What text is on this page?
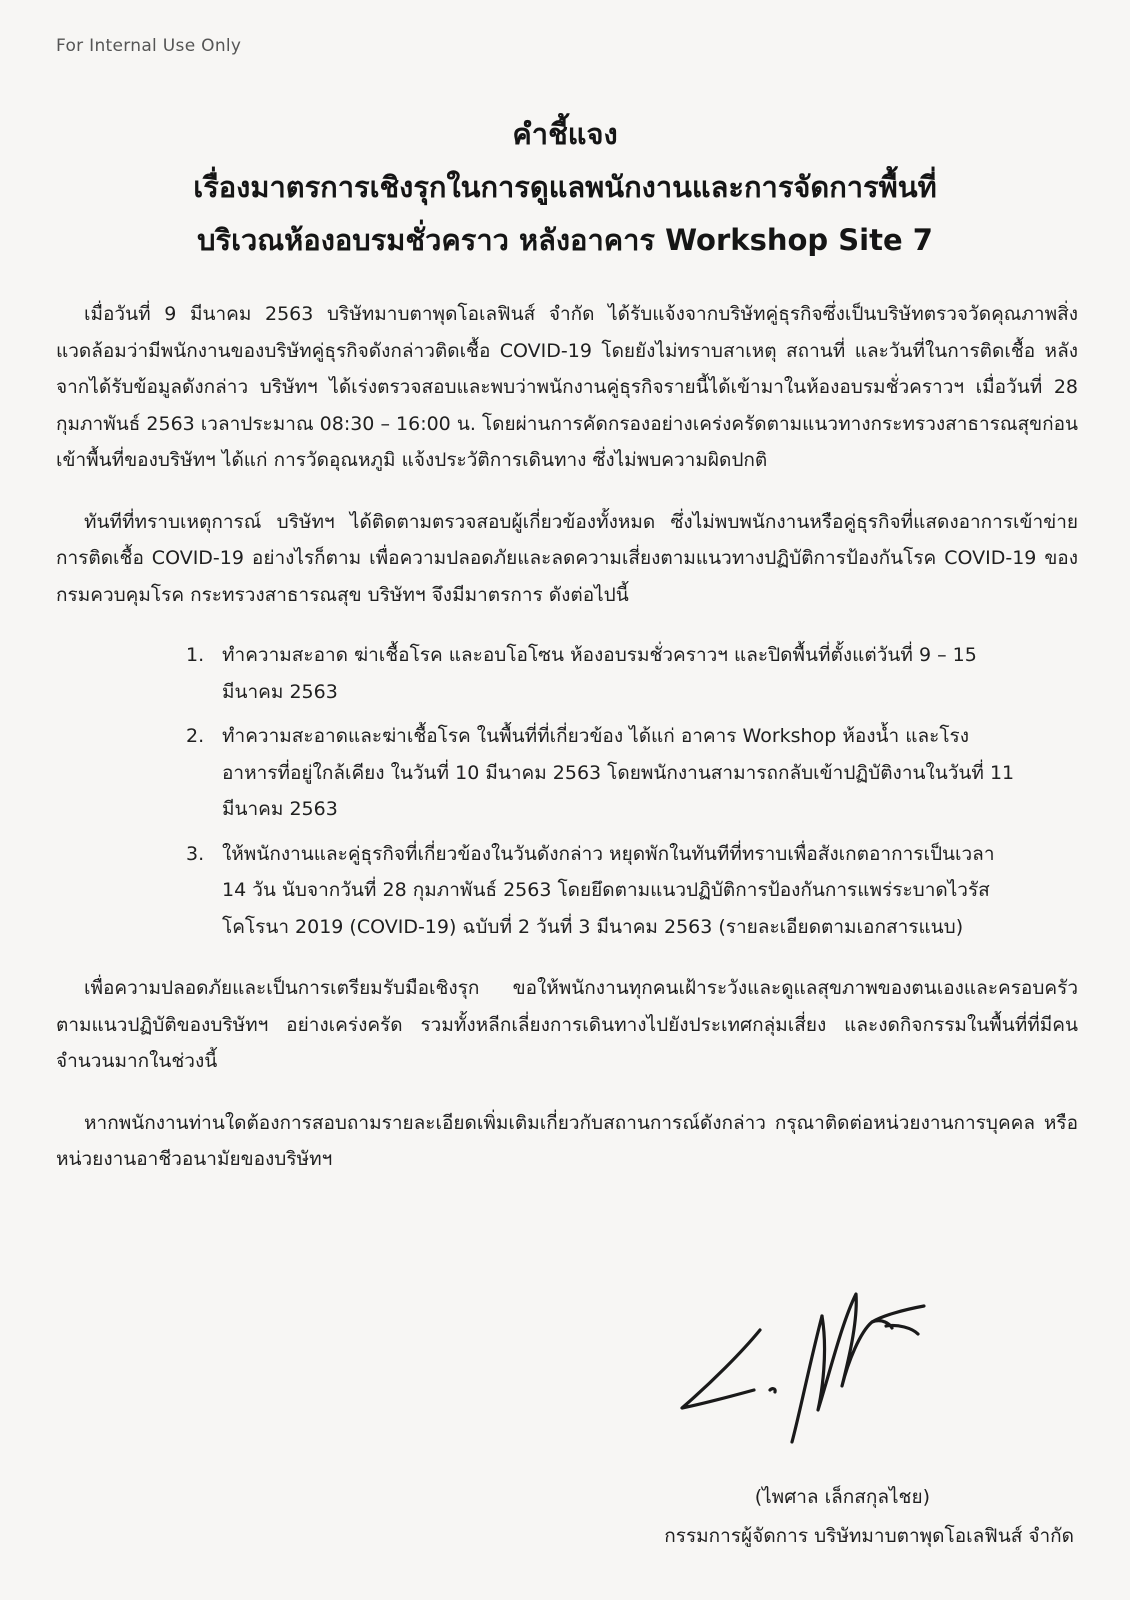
For Internal Use Only
คำชี้แจง
เรื่องมาตรการเชิงรุกในการดูแลพนักงานและการจัดการพื้นที่
บริเวณห้องอบรมชั่วคราว หลังอาคาร Workshop Site 7

เมื่อวันที่ 9 มีนาคม 2563 บริษัทมาบตาพุดโอเลฟินส์ จำกัด ได้รับแจ้งจากบริษัทคู่ธุรกิจซึ่งเป็นบริษัทตรวจวัดคุณภาพสิ่งแวดล้อมว่ามีพนักงานของบริษัทคู่ธุรกิจดังกล่าวติดเชื้อ COVID-19 โดยยังไม่ทราบสาเหตุ สถานที่ และวันที่ในการติดเชื้อ หลังจากได้รับข้อมูลดังกล่าว บริษัทฯ ได้เร่งตรวจสอบและพบว่าพนักงานคู่ธุรกิจรายนี้ได้เข้ามาในห้องอบรมชั่วคราวฯ เมื่อวันที่ 28 กุมภาพันธ์ 2563 เวลาประมาณ 08:30 – 16:00 น. โดยผ่านการคัดกรองอย่างเคร่งครัดตามแนวทางกระทรวงสาธารณสุขก่อนเข้าพื้นที่ของบริษัทฯ ได้แก่ การวัดอุณหภูมิ แจ้งประวัติการเดินทาง ซึ่งไม่พบความผิดปกติ

ทันทีที่ทราบเหตุการณ์ บริษัทฯ ได้ติดตามตรวจสอบผู้เกี่ยวข้องทั้งหมด ซึ่งไม่พบพนักงานหรือคู่ธุรกิจที่แสดงอาการเข้าข่ายการติดเชื้อ COVID-19 อย่างไรก็ตาม เพื่อความปลอดภัยและลดความเสี่ยงตามแนวทางปฏิบัติการป้องกันโรค COVID-19 ของกรมควบคุมโรค กระทรวงสาธารณสุข บริษัทฯ จึงมีมาตรการ ดังต่อไปนี้

1. ทำความสะอาด ฆ่าเชื้อโรค และอบโอโซน ห้องอบรมชั่วคราวฯ และปิดพื้นที่ตั้งแต่วันที่ 9 – 15 มีนาคม 2563
2. ทำความสะอาดและฆ่าเชื้อโรค ในพื้นที่ที่เกี่ยวข้อง ได้แก่ อาคาร Workshop ห้องน้ำ และโรงอาหารที่อยู่ใกล้เคียง ในวันที่ 10 มีนาคม 2563 โดยพนักงานสามารถกลับเข้าปฏิบัติงานในวันที่ 11 มีนาคม 2563
3. ให้พนักงานและคู่ธุรกิจที่เกี่ยวข้องในวันดังกล่าว หยุดพักในทันทีที่ทราบเพื่อสังเกตอาการเป็นเวลา 14 วัน นับจากวันที่ 28 กุมภาพันธ์ 2563 โดยยึดตามแนวปฏิบัติการป้องกันการแพร่ระบาดไวรัสโคโรนา 2019 (COVID-19) ฉบับที่ 2 วันที่ 3 มีนาคม 2563 (รายละเอียดตามเอกสารแนบ)

เพื่อความปลอดภัยและเป็นการเตรียมรับมือเชิงรุก ขอให้พนักงานทุกคนเฝ้าระวังและดูแลสุขภาพของตนเองและครอบครัว ตามแนวปฏิบัติของบริษัทฯ อย่างเคร่งครัด รวมทั้งหลีกเลี่ยงการเดินทางไปยังประเทศกลุ่มเสี่ยง และงดกิจกรรมในพื้นที่ที่มีคนจำนวนมากในช่วงนี้

หากพนักงานท่านใดต้องการสอบถามรายละเอียดเพิ่มเติมเกี่ยวกับสถานการณ์ดังกล่าว กรุณาติดต่อหน่วยงานการบุคคล หรือหน่วยงานอาชีวอนามัยของบริษัทฯ

(ไพศาล เล็กสกุลไชย)
กรรมการผู้จัดการ บริษัทมาบตาพุดโอเลฟินส์ จำกัด
